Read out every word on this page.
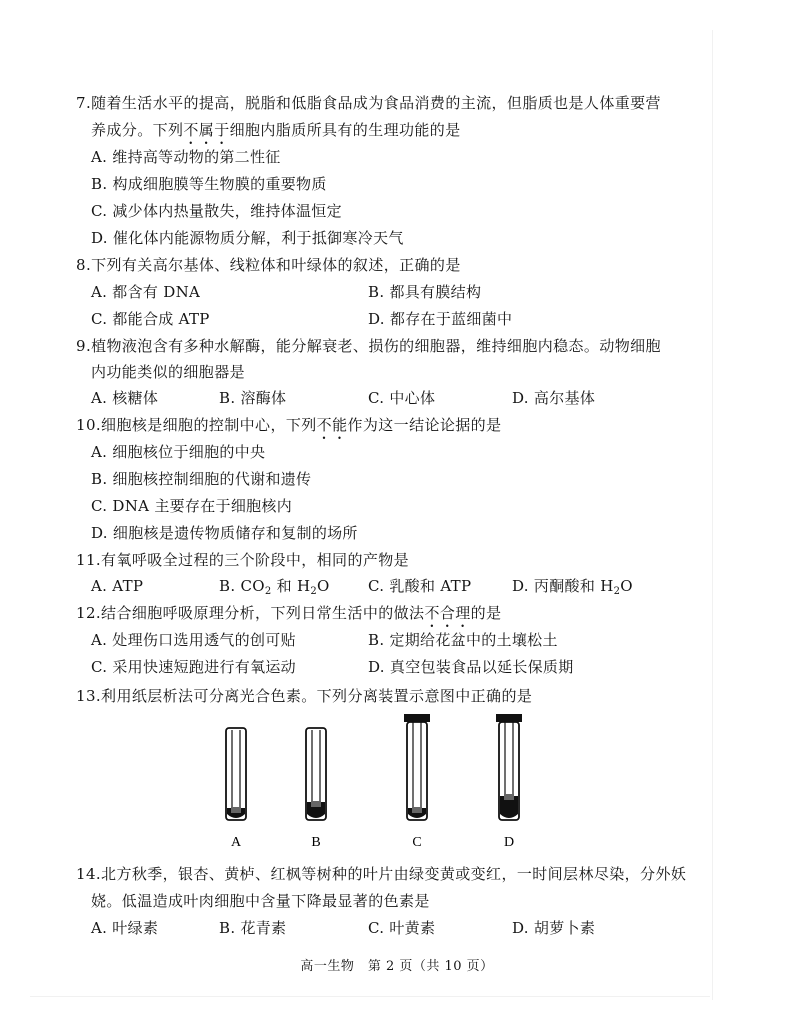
7.随着生活水平的提高，脱脂和低脂食品成为食品消费的主流，但脂质也是人体重要营
养成分。下列不属于细胞内脂质所具有的生理功能的是
A. 维持高等动物的第二性征
B. 构成细胞膜等生物膜的重要物质
C. 减少体内热量散失，维持体温恒定
D. 催化体内能源物质分解，利于抵御寒冷天气
8.下列有关高尔基体、线粒体和叶绿体的叙述，正确的是
A. 都含有 DNA	B. 都具有膜结构
C. 都能合成 ATP	D. 都存在于蓝细菌中
9.植物液泡含有多种水解酶，能分解衰老、损伤的细胞器，维持细胞内稳态。动物细胞
内功能类似的细胞器是
A. 核糖体	B. 溶酶体	C. 中心体	D. 高尔基体
10.细胞核是细胞的控制中心，下列不能作为这一结论论据的是
A. 细胞核位于细胞的中央
B. 细胞核控制细胞的代谢和遗传
C. DNA 主要存在于细胞核内
D. 细胞核是遗传物质储存和复制的场所
11.有氧呼吸全过程的三个阶段中，相同的产物是
A. ATP	B. $CO_2$ 和 $H_2O$	C. 乳酸和 ATP	D. 丙酮酸和 $H_2O$
12.结合细胞呼吸原理分析，下列日常生活中的做法不合理的是
A. 处理伤口选用透气的创可贴	B. 定期给花盆中的土壤松土
C. 采用快速短跑进行有氧运动	D. 真空包装食品以延长保质期
13.利用纸层析法可分离光合色素。下列分离装置示意图中正确的是
A	B	C	D
14.北方秋季，银杏、黄栌、红枫等树种的叶片由绿变黄或变红，一时间层林尽染，分外妖
娆。低温造成叶肉细胞中含量下降最显著的色素是
A. 叶绿素	B. 花青素	C. 叶黄素	D. 胡萝卜素
高一生物　第 2 页（共 10 页）
